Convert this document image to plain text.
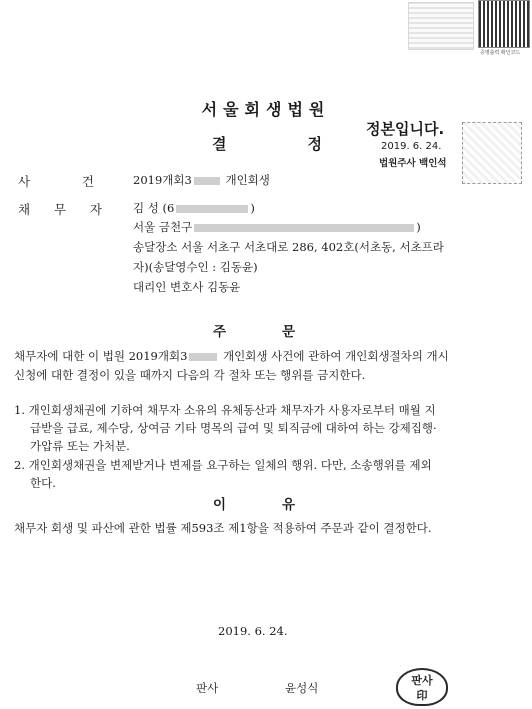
증명출력 확인코드
서울회생법원
결	정
정본입니다.
2019. 6. 24.
법원주사 백인석
사	건	2019개회3	개인회생
채 무 자	김 성 (6	)
서울 금천구	)
송달장소 서울 서초구 서초대로 286, 402호(서초동, 서초프라
자)(송달영수인 : 김동윤)
대리인 변호사 김동윤
주	문
채무자에 대한 이 법원 2019개회3	개인회생 사건에 관하여 개인회생절차의 개시
신청에 대한 결정이 있을 때까지 다음의 각 절차 또는 행위를 금지한다.
1. 개인회생채권에 기하여 채무자 소유의 유체동산과 채무자가 사용자로부터 매월 지
급받을 급료, 제수당, 상여금 기타 명목의 급여 및 퇴직금에 대하여 하는 강제집행·
가압류 또는 가처분.
2. 개인회생채권을 변제받거나 변제를 요구하는 일체의 행위. 다만, 소송행위를 제외
한다.
이	유
채무자 회생 및 파산에 관한 법률 제593조 제1항을 적용하여 주문과 같이 결정한다.
2019. 6. 24.
판사	윤성식
판사
印
